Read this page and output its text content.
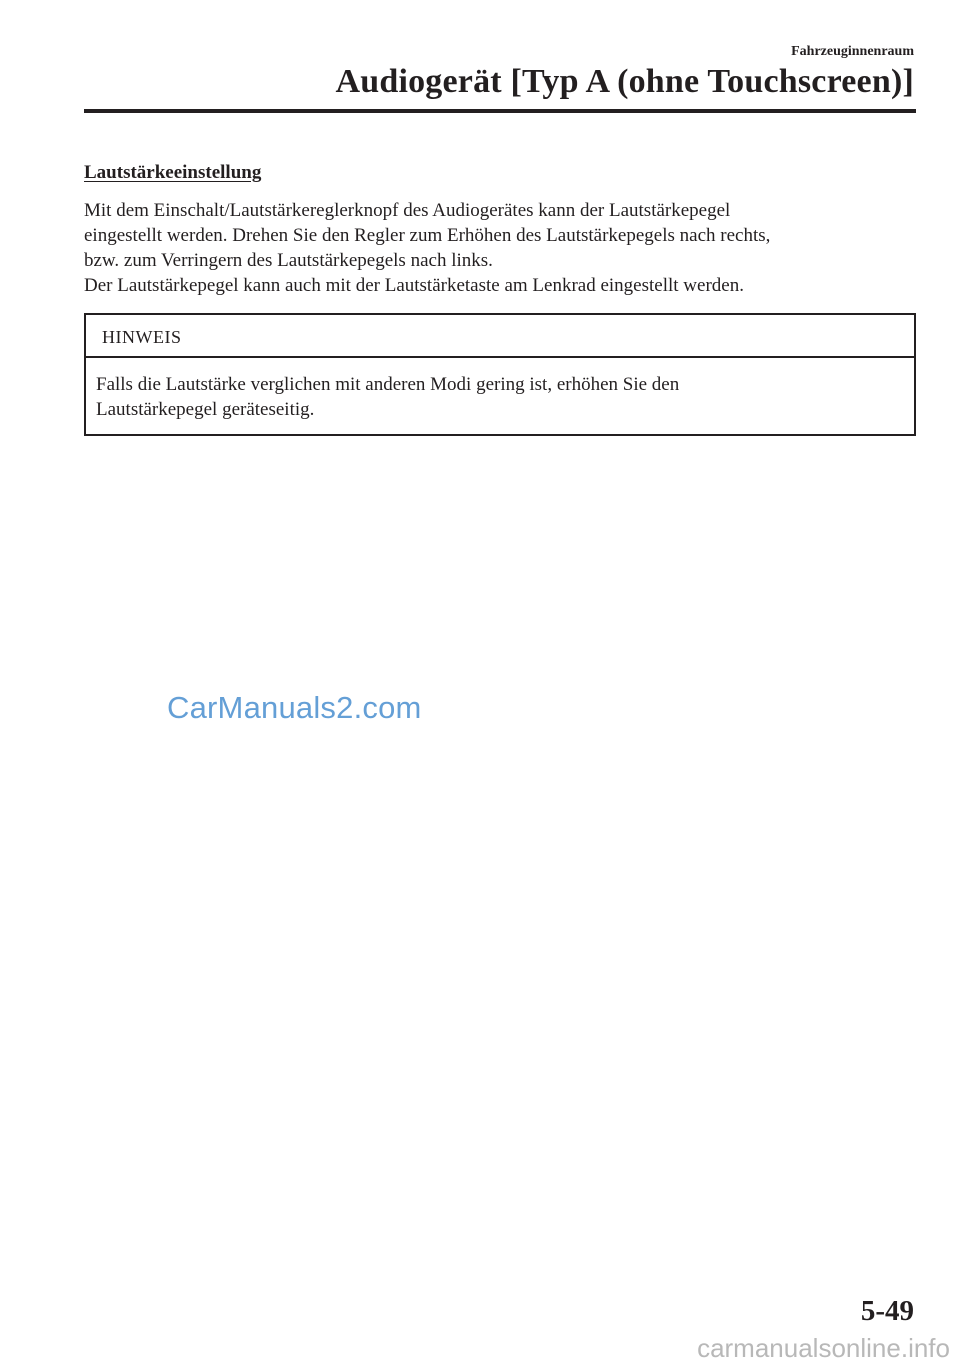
Fahrzeuginnenraum
Audiogerät [Typ A (ohne Touchscreen)]
Lautstärkeeinstellung
Mit dem Einschalt/Lautstärkereglerknopf des Audiogerätes kann der Lautstärkepegel
eingestellt werden. Drehen Sie den Regler zum Erhöhen des Lautstärkepegels nach rechts,
bzw. zum Verringern des Lautstärkepegels nach links.
Der Lautstärkepegel kann auch mit der Lautstärketaste am Lenkrad eingestellt werden.
HINWEIS
Falls die Lautstärke verglichen mit anderen Modi gering ist, erhöhen Sie den
Lautstärkepegel geräteseitig.
CarManuals2.com
5-49
carmanualsonline.info
